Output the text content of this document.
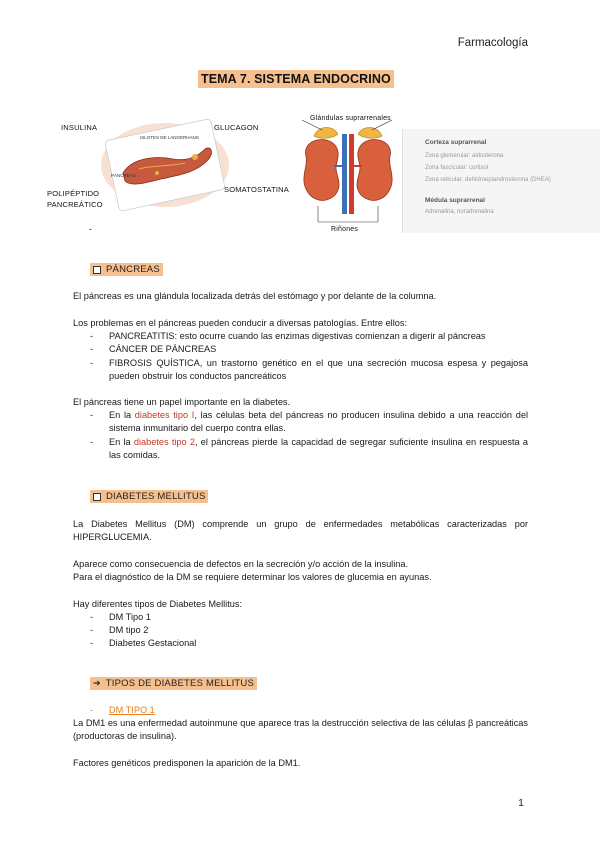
Farmacología
TEMA 7. SISTEMA ENDOCRINO
INSULINA	GLUCAGON
POLIPÉPTIDO
PANCREÁTICO
SOMATOSTATINA
ISLOTES DE LANGERHANS
PÁNCREAS
-
Glándulas suprarrenales
Riñones
Corteza suprarrenal
Zona glomerular: aldosterona
Zona fascicular: cortisol
Zona reticular: dehidroepiandrosterona (DHEA)
Médula suprarrenal
Adrenalina, noradrenalina
PÁNCREAS
El páncreas es una glándula localizada detrás del estómago y por delante de la columna.
Los problemas en el páncreas pueden conducir a diversas patologías. Entre ellos:
- PANCREATITIS: esto ocurre cuando las enzimas digestivas comienzan a digerir al páncreas
- CÁNCER DE PÁNCREAS
- FIBROSIS QUÍSTICA, un trastorno genético en el que una secreción mucosa espesa y pegajosa pueden obstruir los conductos pancreáticos
El páncreas tiene un papel importante en la diabetes.
- En la diabetes tipo I, las células beta del páncreas no producen insulina debido a una reacción del sistema inmunitario del cuerpo contra ellas.
- En la diabetes tipo 2, el páncreas pierde la capacidad de segregar suficiente insulina en respuesta a las comidas.
DIABETES MELLITUS
La Diabetes Mellitus (DM) comprende un grupo de enfermedades metabólicas caracterizadas por HIPERGLUCEMIA.
Aparece como consecuencia de defectos en la secreción y/o acción de la insulina.
Para el diagnóstico de la DM se requiere determinar los valores de glucemia en ayunas.
Hay diferentes tipos de Diabetes Mellitus:
- DM Tipo 1
- DM tipo 2
- Diabetes Gestacional
➔ TIPOS DE DIABETES MELLITUS
- DM TIPO 1
La DM1 es una enfermedad autoinmune que aparece tras la destrucción selectiva de las células β pancreáticas (productoras de insulina).
Factores genéticos predisponen la aparición de la DM1.
1
